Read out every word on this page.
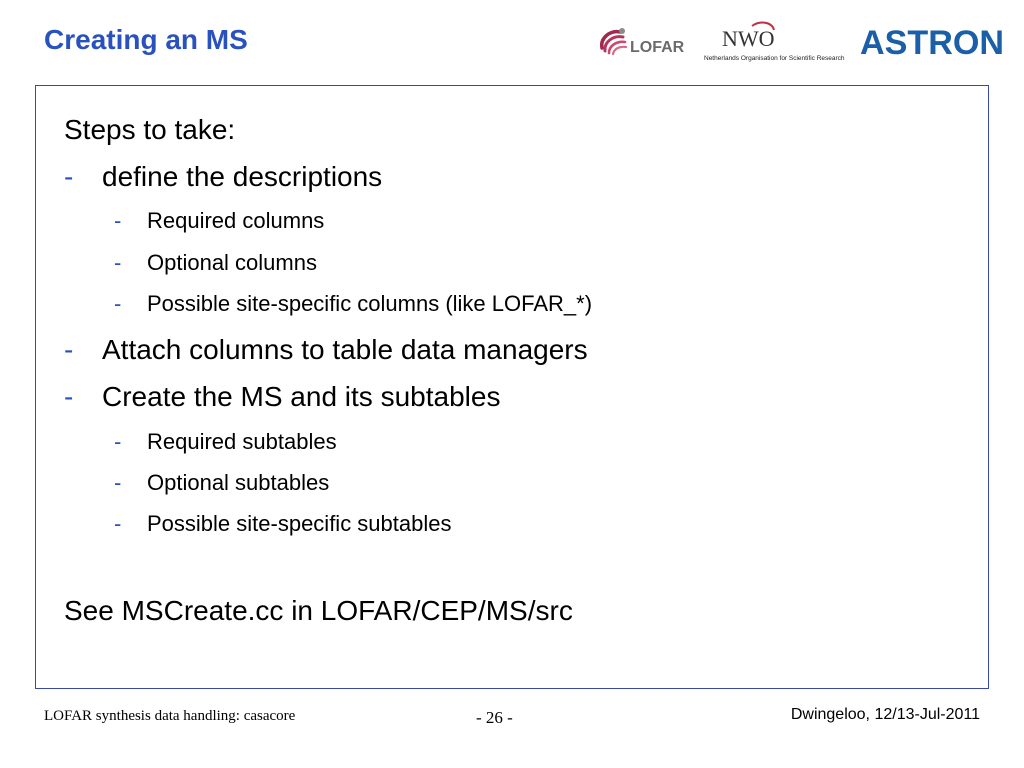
Creating an MS	LOFAR NWO
Netherlands Organisation for Scientific Research ASTRON
Steps to take:
- define the descriptions
- Required columns
- Optional columns
- Possible site-specific columns (like LOFAR_*)
- Attach columns to table data managers
- Create the MS and its subtables
- Required subtables
- Optional subtables
- Possible site-specific subtables
See MSCreate.cc in LOFAR/CEP/MS/src
LOFAR synthesis data handling: casacore	- 26 -	Dwingeloo, 12/13-Jul-2011
